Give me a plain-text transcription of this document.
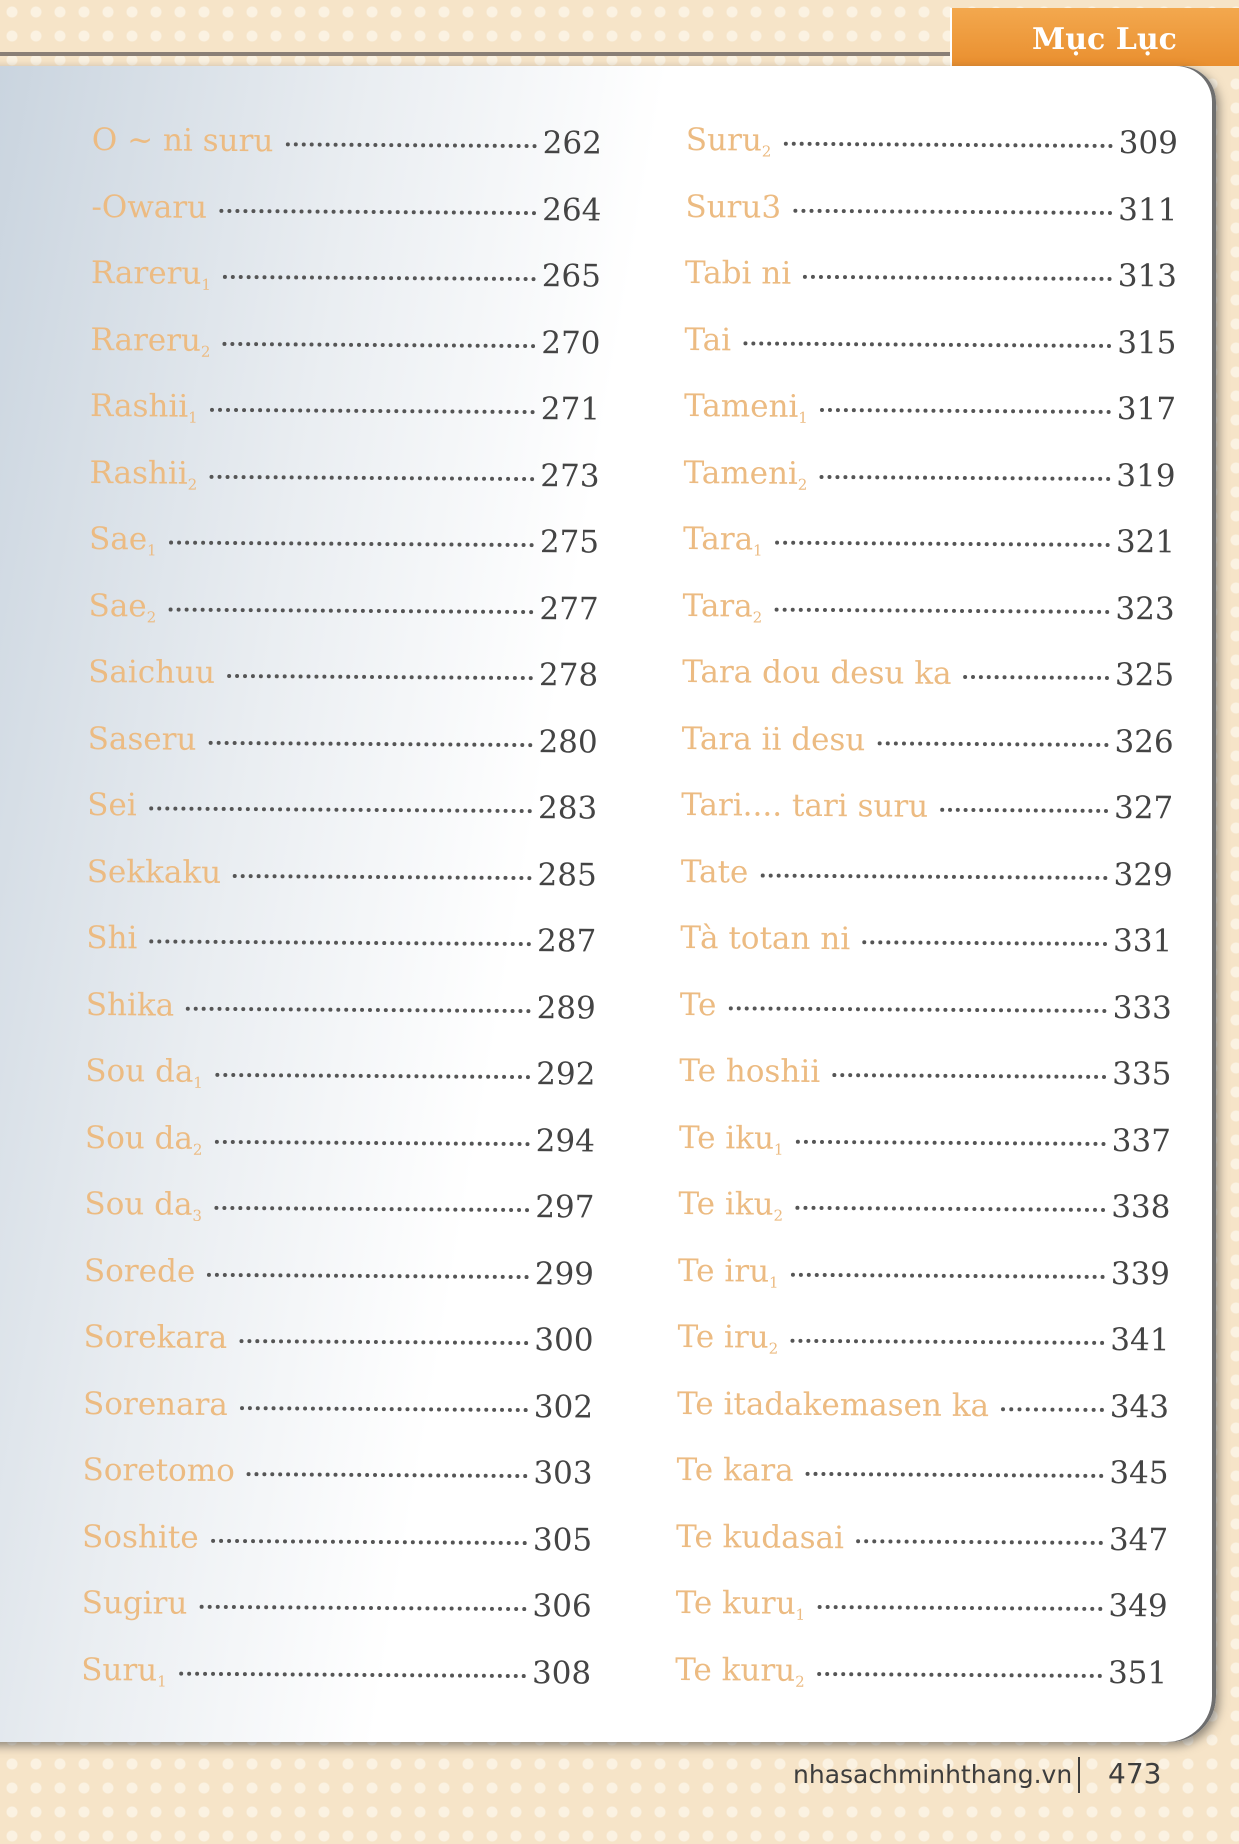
Mục Lục
O ~ ni suru	262
-Owaru	264
Rareru$_1$	265
Rareru$_2$	270
Rashii$_1$	271
Rashii$_2$	273
Sae$_1$	275
Sae$_2$	277
Saichuu	278
Saseru	280
Sei	283
Sekkaku	285
Shi	287
Shika	289
Sou $da_1$	292
Sou $da_2$	294
Sou $da_3$	297
Sorede	299
Sorekara	300
Sorenara	302
Soretomo	303
Soshite	305
Sugiru	306
Suru$_1$	308
Suru$_2$	309
Suru3	311
Tabi ni	313
Tai	315
Tameni$_1$	317
Tameni$_2$	319
Tara$_1$	321
Tara$_2$	323
Tara dou desu ka	325
Tara ii desu	326
Tari.... tari suru	327
Tate	329
Tà totan ni	331
Te	333
Te hoshii	335
Te iku$_1$	337
Te iku$_2$	338
Te iru$_1$	339
Te iru$_2$	341
Te itadakemasen ka	343
Te kara	345
Te kudasai	347
Te kuru$_1$	349
Te kuru$_2$	351
nhasachminhthang.vn 473
